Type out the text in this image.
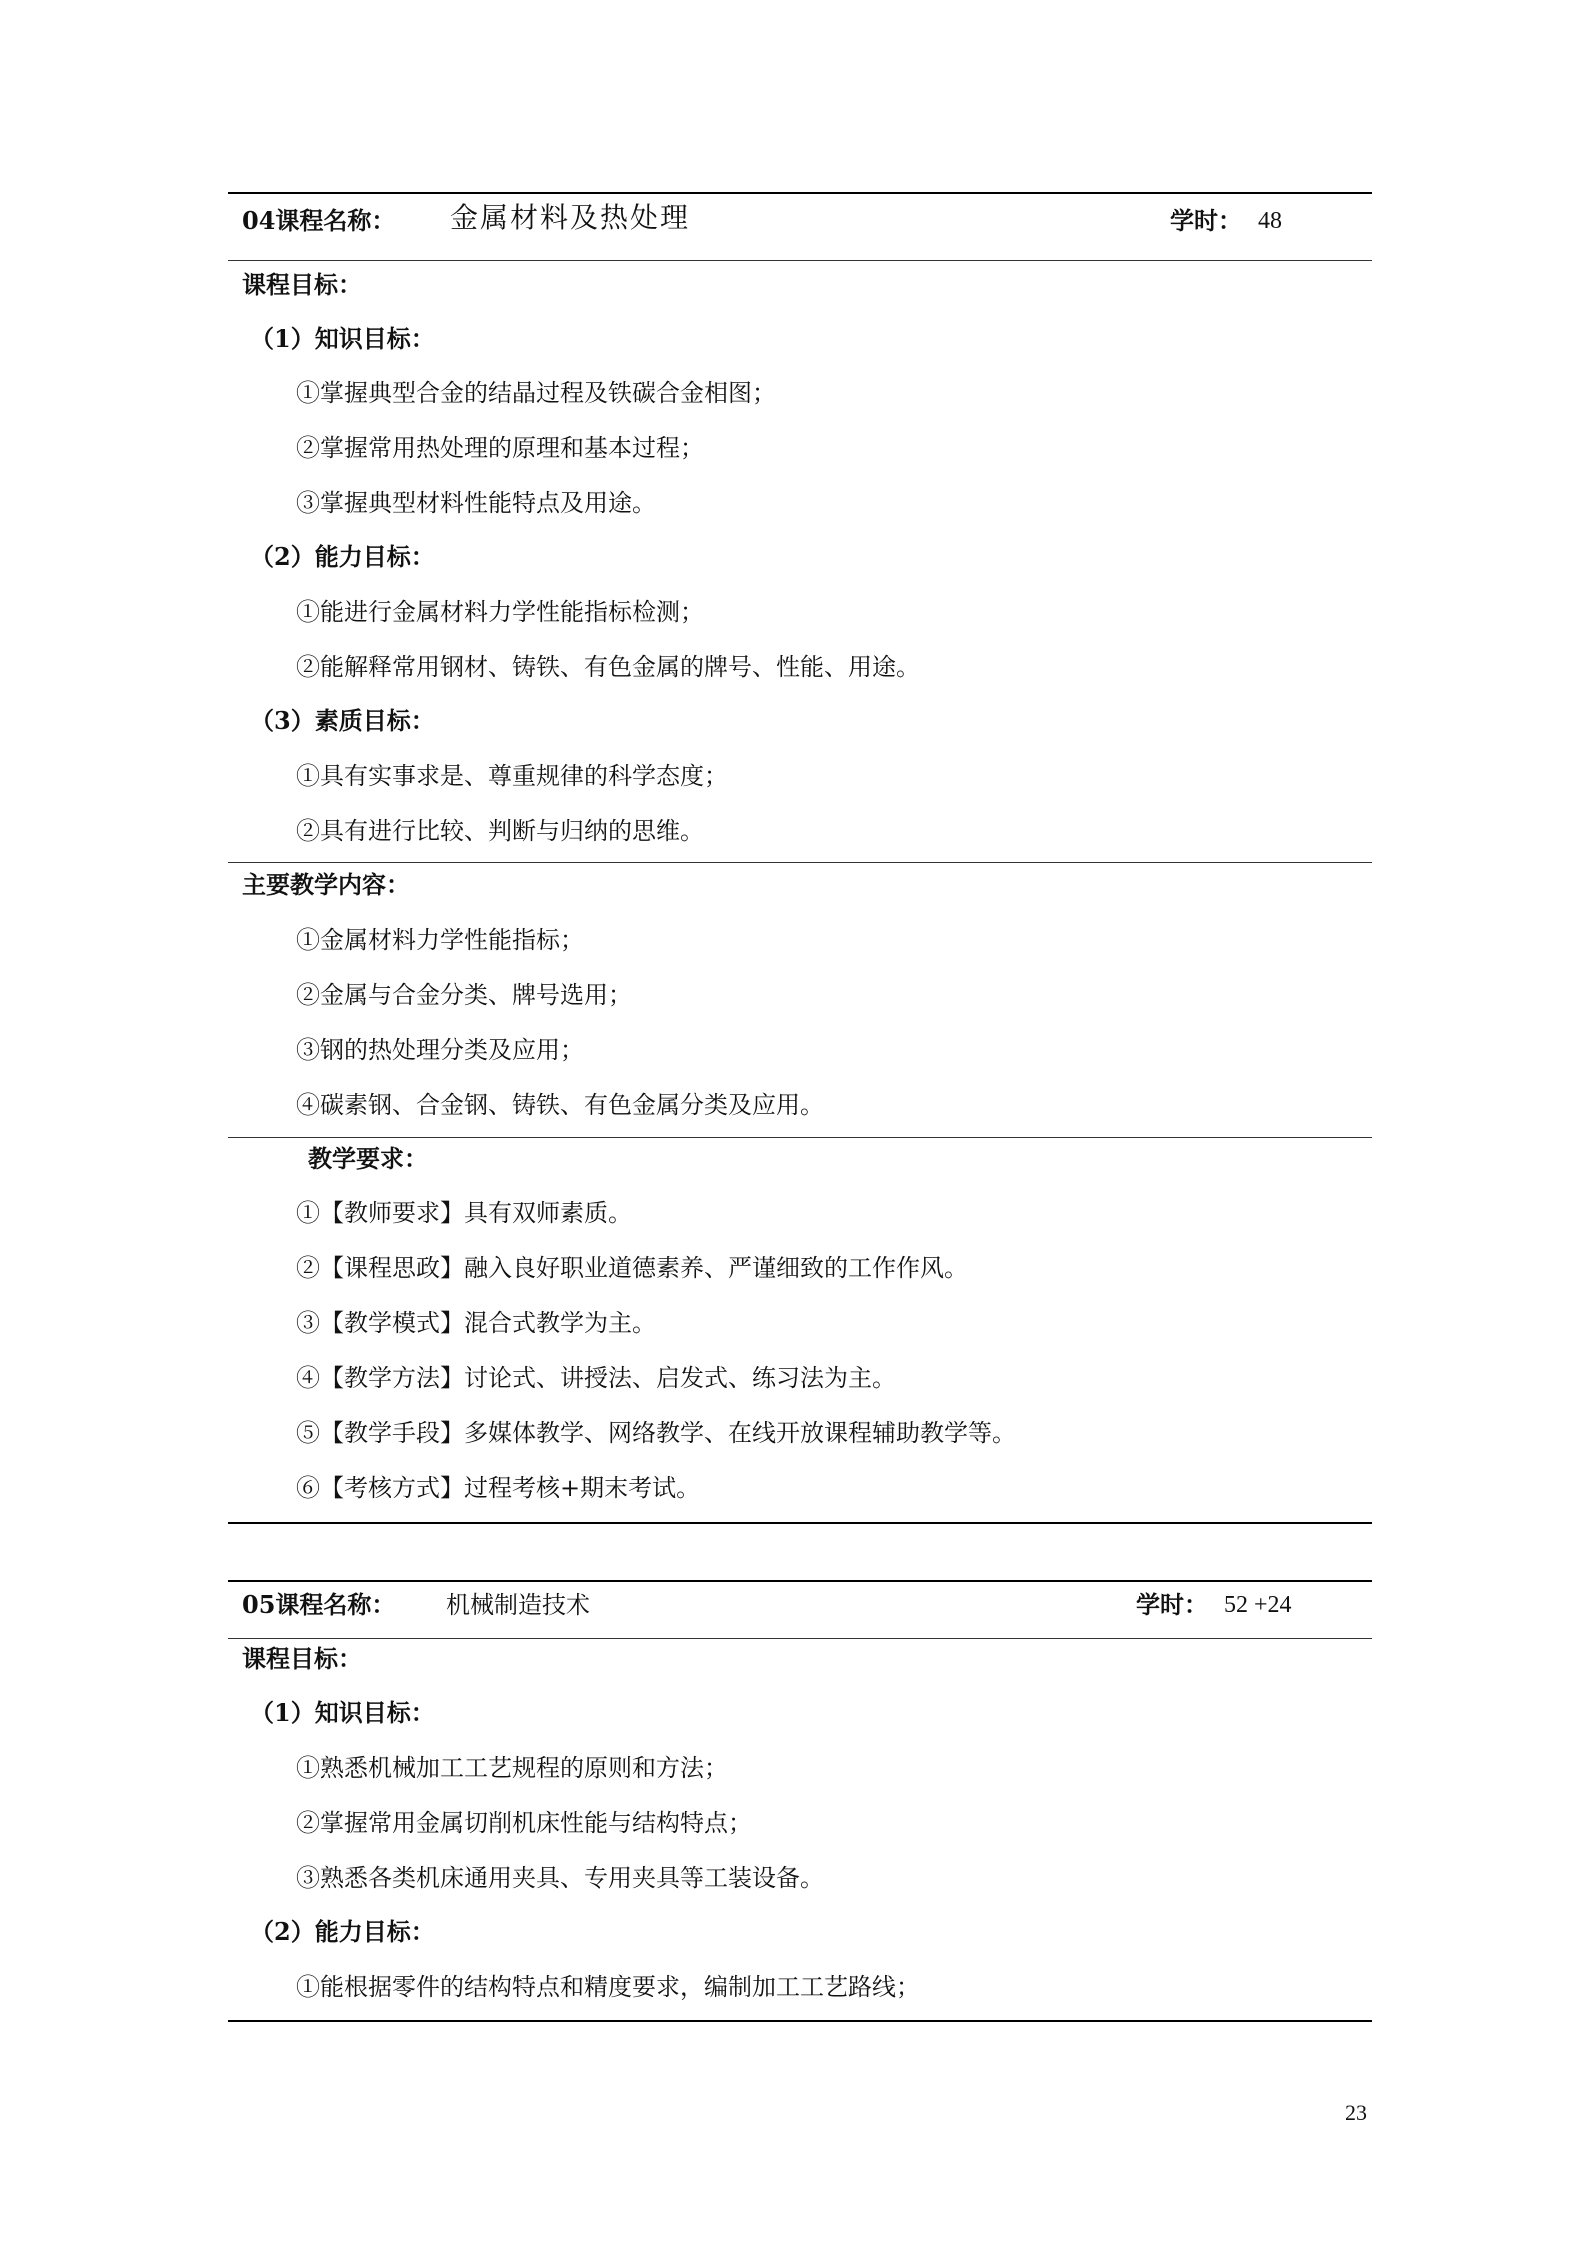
04课程名称： 金属材料及热处理	学时： 48
课程目标：
（1）知识目标：
①掌握典型合金的结晶过程及铁碳合金相图；
②掌握常用热处理的原理和基本过程；
③掌握典型材料性能特点及用途。
（2）能力目标：
①能进行金属材料力学性能指标检测；
②能解释常用钢材、铸铁、有色金属的牌号、性能、用途。
（3）素质目标：
①具有实事求是、尊重规律的科学态度；
②具有进行比较、判断与归纳的思维。
主要教学内容：
①金属材料力学性能指标；
②金属与合金分类、牌号选用；
③钢的热处理分类及应用；
④碳素钢、合金钢、铸铁、有色金属分类及应用。
教学要求：
①【教师要求】具有双师素质。
②【课程思政】融入良好职业道德素养、严谨细致的工作作风。
③【教学模式】混合式教学为主。
④【教学方法】讨论式、讲授法、启发式、练习法为主。
⑤【教学手段】多媒体教学、网络教学、在线开放课程辅助教学等。
⑥【考核方式】过程考核+期末考试。
05课程名称： 机械制造技术	学时： 52 +24
课程目标：
（1）知识目标：
①熟悉机械加工工艺规程的原则和方法；
②掌握常用金属切削机床性能与结构特点；
③熟悉各类机床通用夹具、专用夹具等工装设备。
（2）能力目标：
①能根据零件的结构特点和精度要求，编制加工工艺路线；
23
